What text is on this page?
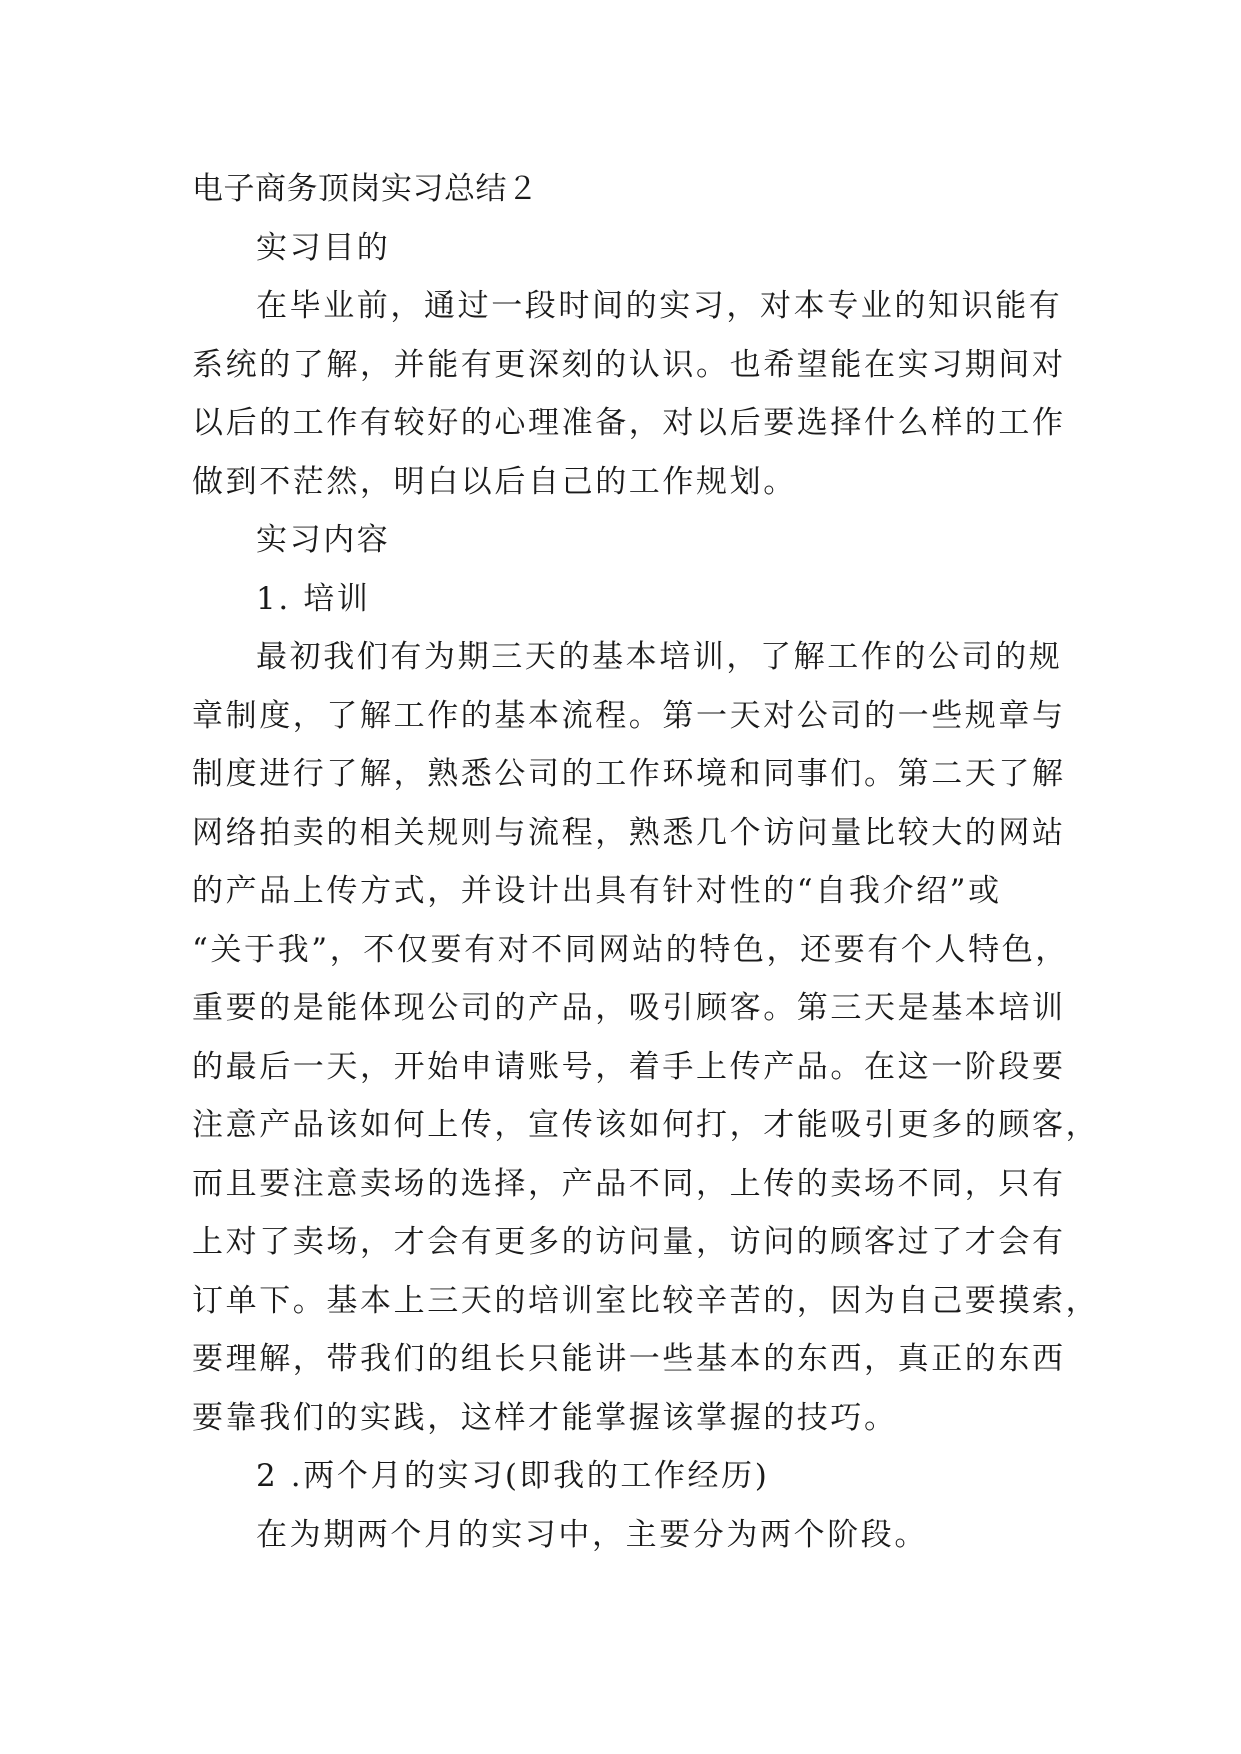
电子商务顶岗实习总结２
实习目的
在毕业前，通过一段时间的实习，对本专业的知识能有
系统的了解，并能有更深刻的认识。也希望能在实习期间对
以后的工作有较好的心理准备，对以后要选择什么样的工作
做到不茫然，明白以后自己的工作规划。
实习内容
1. 培训
最初我们有为期三天的基本培训，了解工作的公司的规
章制度，了解工作的基本流程。第一天对公司的一些规章与
制度进行了解，熟悉公司的工作环境和同事们。第二天了解
网络拍卖的相关规则与流程，熟悉几个访问量比较大的网站
的产品上传方式，并设计出具有针对性的“自我介绍”或
“关于我”，不仅要有对不同网站的特色，还要有个人特色，
重要的是能体现公司的产品，吸引顾客。第三天是基本培训
的最后一天，开始申请账号，着手上传产品。在这一阶段要
注意产品该如何上传，宣传该如何打，才能吸引更多的顾客，
而且要注意卖场的选择，产品不同，上传的卖场不同，只有
上对了卖场，才会有更多的访问量，访问的顾客过了才会有
订单下。基本上三天的培训室比较辛苦的，因为自己要摸索，
要理解，带我们的组长只能讲一些基本的东西，真正的东西
要靠我们的实践，这样才能掌握该掌握的技巧。
2 .两个月的实习(即我的工作经历)
在为期两个月的实习中，主要分为两个阶段。
